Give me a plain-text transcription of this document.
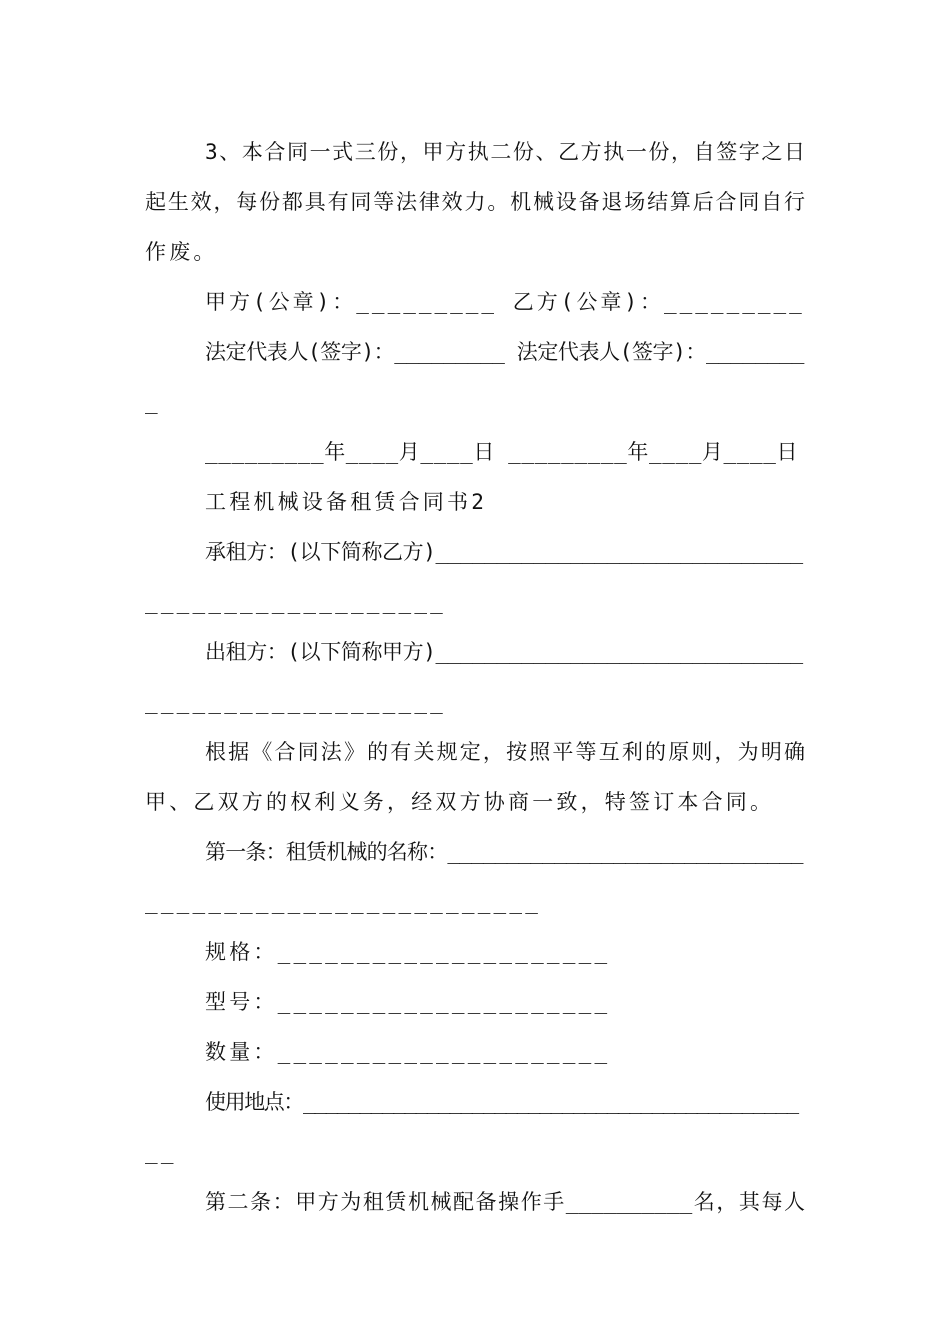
3、本合同一式三份，甲方执二份、乙方执一份，自签字之日
起生效，每份都具有同等法律效力。机械设备退场结算后合同自行
作废。
甲方(公章)：_________ 乙方(公章)：_________
法定代表人(签字)：_________ 法定代表人(签字)：________
_
_________年____月____日 _________年____月____日
工程机械设备租赁合同书2
承租方：(以下简称乙方)______________________________
___________________
出租方：(以下简称甲方)______________________________
___________________
根据《合同法》的有关规定，按照平等互利的原则，为明确
甲、乙双方的权利义务，经双方协商一致，特签订本合同。
第一条：租赁机械的名称：______________________________
_________________________
规格：_____________________
型号：_____________________
数量：_____________________
使用地点：____________________________________________
__
第二条：甲方为租赁机械配备操作手__________名，其每人
